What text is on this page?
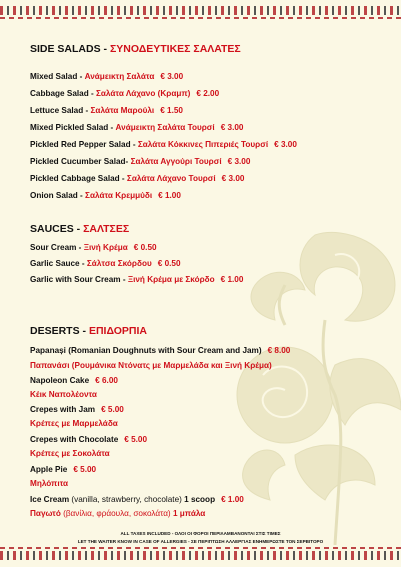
SIDE SALADS - ΣΥΝΟΔΕΥΤΙΚΕΣ ΣΑΛΑΤΕΣ
Mixed Salad - Ανάμεικτη Σαλάτα € 3.00
Cabbage Salad - Σαλάτα Λάχανο (Κραμπ) € 2.00
Lettuce Salad - Σαλάτα Μαρούλι € 1.50
Mixed Pickled Salad - Ανάμεικτη Σαλάτα Τουρσί € 3.00
Pickled Red Pepper Salad - Σαλάτα Κόκκινες Πιπεριές Τουρσί € 3.00
Pickled Cucumber Salad- Σαλάτα Αγγούρι Τουρσί € 3.00
Pickled Cabbage Salad - Σαλάτα Λάχανο Τουρσί € 3.00
Onion Salad - Σαλάτα Κρεμμύδι € 1.00
SAUCES - ΣΑΛΤΣΕΣ
Sour Cream - Ξινή Κρέμα € 0.50
Garlic Sauce - Σάλτσα Σκόρδου € 0.50
Garlic with Sour Cream - Ξινή Κρέμα με Σκόρδο € 1.00
DESERTS - ΕΠΙΔΟΡΠΙΑ
Papanași (Romanian Doughnuts with Sour Cream and Jam) € 8.00
Παπανάσι (Ρουμάνικα Ντόνατς με Μαρμελάδα και Ξινή Κρέμα)
Napoleon Cake € 6.00
Κέικ Ναπολέοντα
Crepes with Jam € 5.00
Κρέπες με Μαρμελάδα
Crepes with Chocolate € 5.00
Κρέπες με Σοκολάτα
Apple Pie € 5.00
Μηλόπιτα
Ice Cream (vanilla, strawberry, chocolate) 1 scoop € 1.00
Παγωτό (βανίλια, φράουλα, σοκολάτα) 1 μπάλα
ALL TAXES INCLUDED - ΟΛΟΙ ΟΙ ΦΟΡΟΙ ΠΕΡΙΛΑΜΒΑΝΟΝΤΑΙ ΣΤΙΣ ΤΙΜΕΣ
LET THE WAITER KNOW IN CASE OF ALLERGIES - ΣΕ ΠΕΡΙΠΤΩΣΗ ΑΛΛΕΡΓΙΑΣ ΕΝΗΜΕΡΩΣΤΕ ΤΟΝ ΣΕΡΒΙΤΟΡΟ
